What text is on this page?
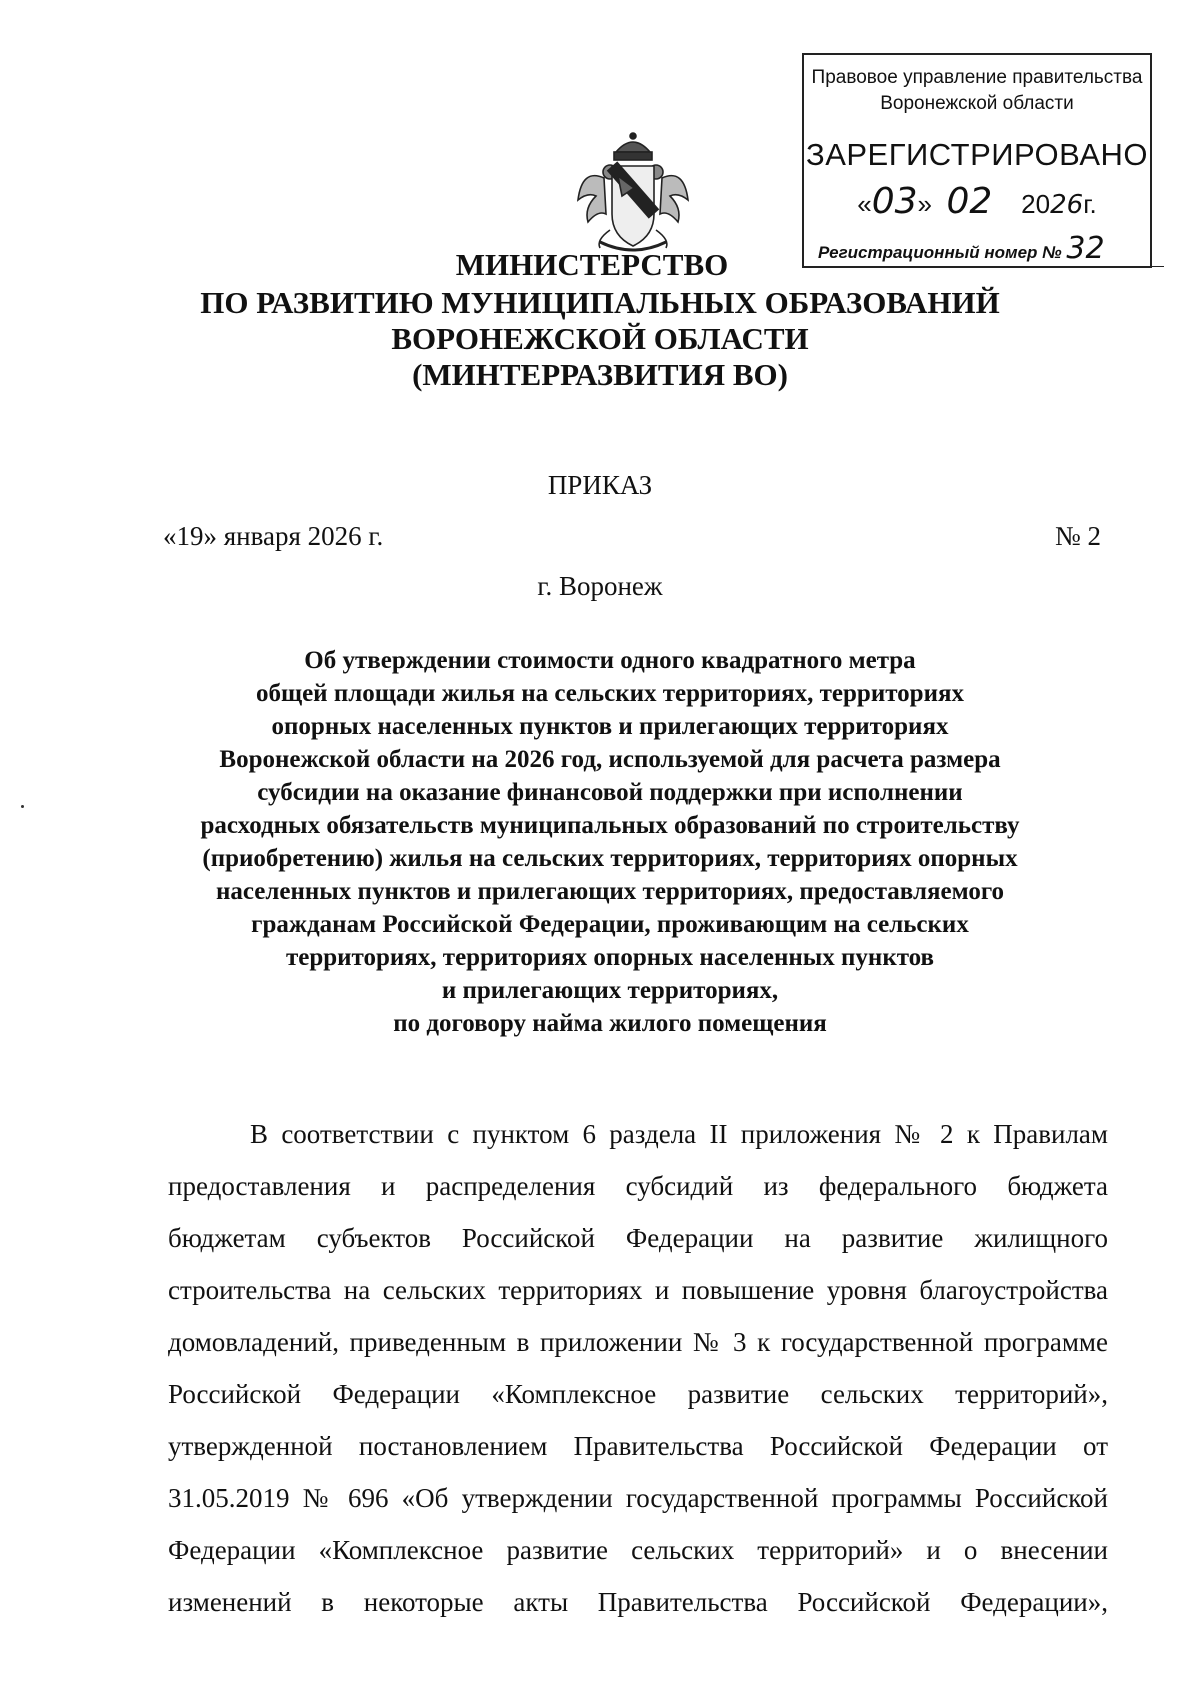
Правовое управление правительства
Воронежской области
ЗАРЕГИСТРИРОВАНО
«03»  02 2026г.
Регистрационный номер № 32
МИНИСТЕРСТВО
ПО РАЗВИТИЮ МУНИЦИПАЛЬНЫХ ОБРАЗОВАНИЙ
ВОРОНЕЖСКОЙ ОБЛАСТИ
(МИНТЕРРАЗВИТИЯ ВО)
ПРИКАЗ
«19» января 2026 г.	№ 2
г. Воронеж
Об утверждении стоимости одного квадратного метра
общей площади жилья на сельских территориях, территориях
опорных населенных пунктов и прилегающих территориях
Воронежской области на 2026 год, используемой для расчета размера
субсидии на оказание финансовой поддержки при исполнении
расходных обязательств муниципальных образований по строительству
(приобретению) жилья на сельских территориях, территориях опорных
населенных пунктов и прилегающих территориях, предоставляемого
гражданам Российской Федерации, проживающим на сельских
территориях, территориях опорных населенных пунктов
и прилегающих территориях,
по договору найма жилого помещения
В соответствии с пунктом 6 раздела II приложения № 2 к Правилам
предоставления и распределения субсидий из федерального бюджета
бюджетам субъектов Российской Федерации на развитие жилищного
строительства на сельских территориях и повышение уровня благоустройства
домовладений, приведенным в приложении № 3 к государственной программе
Российской Федерации «Комплексное развитие сельских территорий»,
утвержденной постановлением Правительства Российской Федерации от
31.05.2019 № 696 «Об утверждении государственной программы Российской
Федерации «Комплексное развитие сельских территорий» и о внесении
изменений в некоторые акты Правительства Российской Федерации»,
